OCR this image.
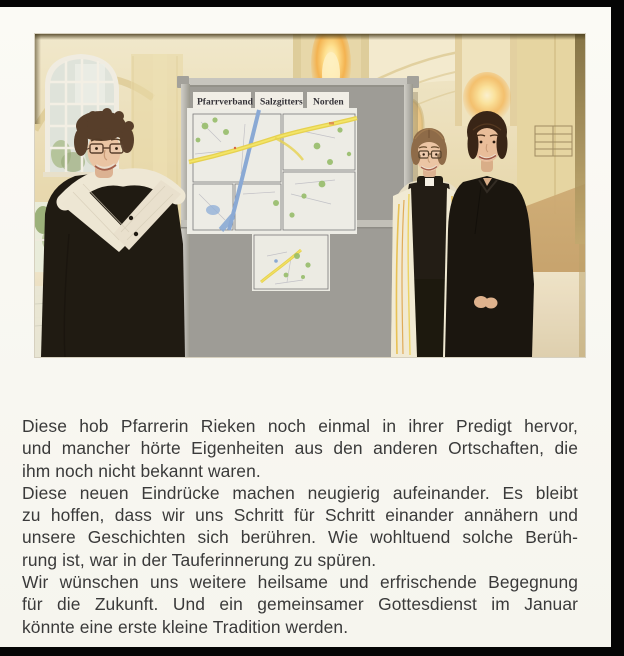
Pfarrverband Salzgitters Norden
Diese hob Pfarrerin Rieken noch einmal in ihrer Predigt hervor,
und mancher hörte Eigenheiten aus den anderen Ortschaften, die
ihm noch nicht bekannt waren.
Diese neuen Eindrücke machen neugierig aufeinander. Es bleibt
zu hoffen, dass wir uns Schritt für Schritt einander annähern und
unsere Geschichten sich berühren. Wie wohltuend solche Berüh-
rung ist, war in der Tauferinnerung zu spüren.
Wir wünschen uns weitere heilsame und erfrischende Begegnung
für die Zukunft. Und ein gemeinsamer Gottesdienst im Januar
könnte eine erste kleine Tradition werden.
